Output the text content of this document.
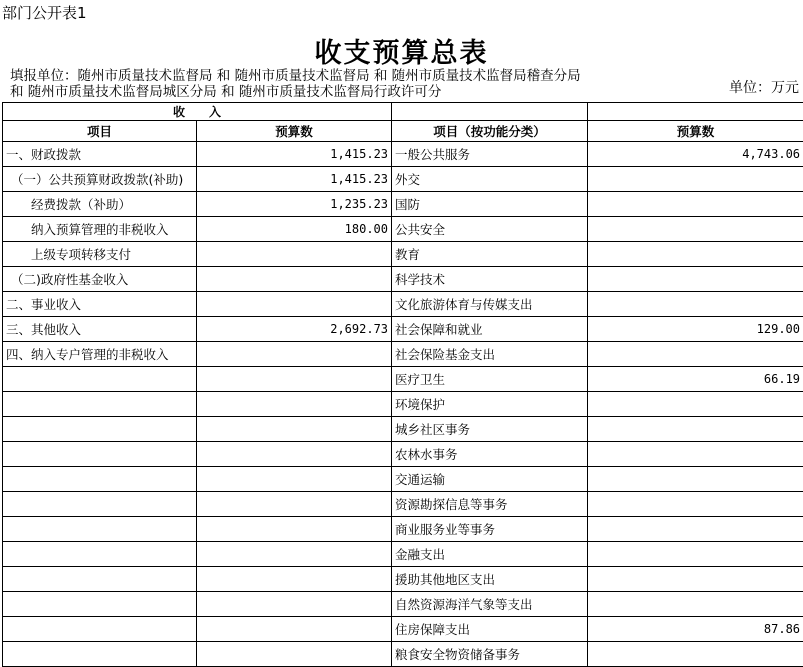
部门公开表1
收支预算总表
填报单位：随州市质量技术监督局 和 随州市质量技术监督局 和 随州市质量技术监督局稽查分局 和 随州市质量技术监督局城区分局 和 随州市质量技术监督局行政许可分	单位：万元
收　　入			
项目	预算数	项目（按功能分类）	预算数
一、财政拨款	1,415.23	一般公共服务	4,743.06
（一）公共预算财政拨款(补助)	1,415.23	外交	
经费拨款（补助）	1,235.23	国防	
纳入预算管理的非税收入	180.00	公共安全	
上级专项转移支付		教育	
（二)政府性基金收入		科学技术	
二、事业收入		文化旅游体育与传媒支出	
三、其他收入	2,692.73	社会保障和就业	129.00
四、纳入专户管理的非税收入		社会保险基金支出	
		医疗卫生	66.19
		环境保护	
		城乡社区事务	
		农林水事务	
		交通运输	
		资源勘探信息等事务	
		商业服务业等事务	
		金融支出	
		援助其他地区支出	
		自然资源海洋气象等支出	
		住房保障支出	87.86
		粮食安全物资储备事务	
